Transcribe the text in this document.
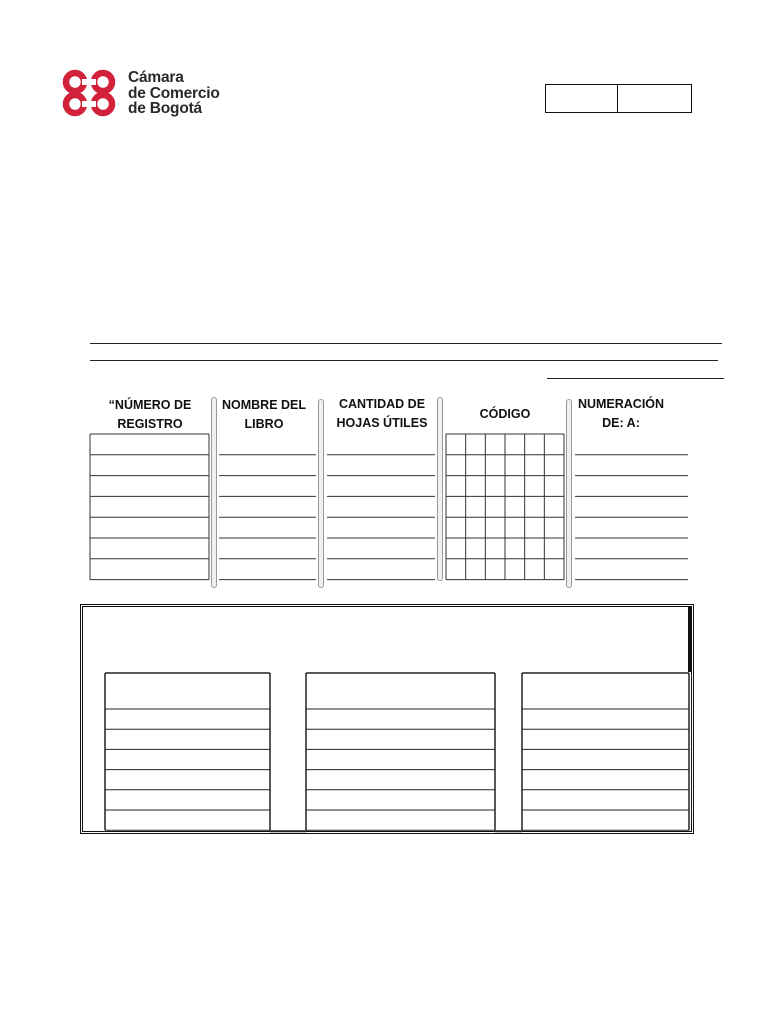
Cámara
de Comercio
de Bogotá
“NÚMERO DE
REGISTRO
NOMBRE DEL
LIBRO
CANTIDAD DE
HOJAS ÚTILES
CÓDIGO
NUMERACIÓN
DE: A:
